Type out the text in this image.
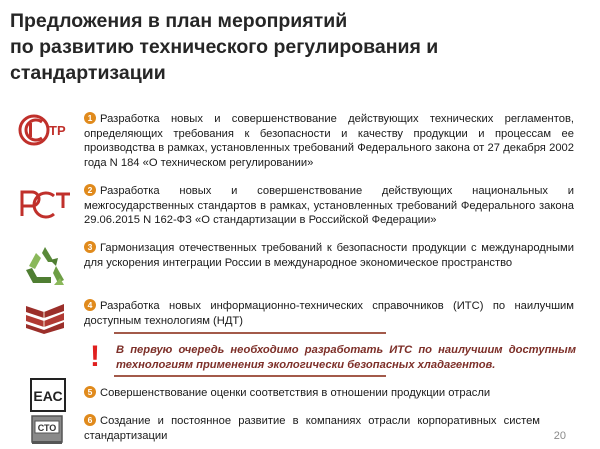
Предложения в план мероприятий
по развитию технического регулирования и
стандартизации
ТР
ЕАС
СТО
1 Разработка новых и совершенствование действующих технических регламентов, определяющих требования к безопасности и качеству продукции и процессам ее производства в рамках, установленных требований Федерального закона от 27 декабря 2002 года N 184 «О техническом регулировании»
2 Разработка новых и совершенствование действующих национальных и межгосударственных стандартов в рамках, установленных требований Федерального закона 29.06.2015 N 162-ФЗ «О стандартизации в Российской Федерации»
3 Гармонизация отечественных требований к безопасности продукции с международными для ускорения интеграции России в международное экономическое пространство
4 Разработка новых информационно-технических справочников (ИТС) по наилучшим доступным технологиям (НДТ)
! В первую очередь необходимо разработать ИТС по наилучшим доступным технологиям применения экологически безопасных хладагентов.
5 Совершенствование оценки соответствия в отношении продукции отрасли
6 Создание и постоянное развитие в компаниях отрасли корпоративных систем стандартизации	20
